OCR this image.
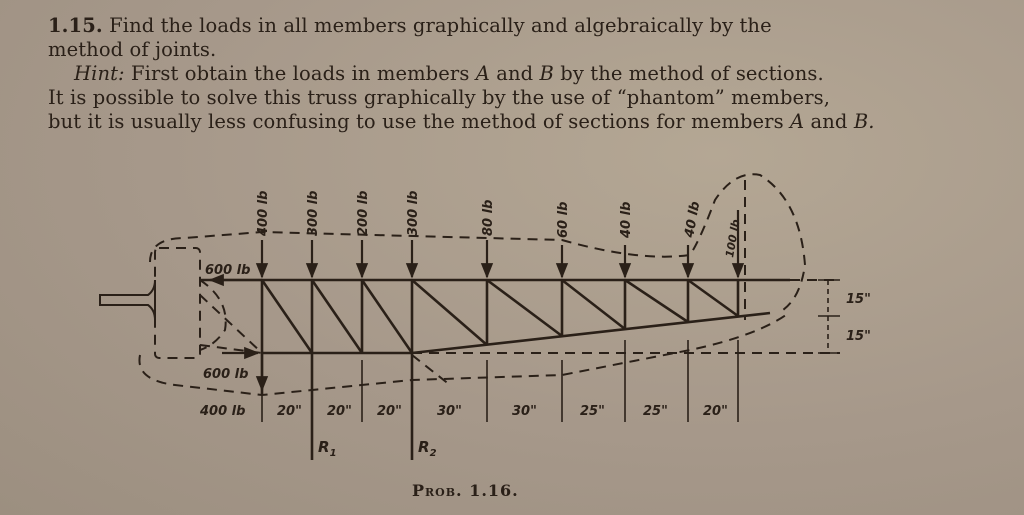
1.15. Find the loads in all members graphically and algebraically by the
method of joints.
Hint: First obtain the loads in members A and B by the method of sections.
It is possible to solve this truss graphically by the use of “phantom” members,
but it is usually less confusing to use the method of sections for members A and B.
400 lb	300 lb	200 lb	300 lb	80 lb	60 lb	40 lb	40 lb 100 lb
600 lb
600 lb
400 lb 20" 20" 20"	30"	30"	25"	25"	20"
15"
15"
$R_1$	$R_2$
Prob. 1.16.
